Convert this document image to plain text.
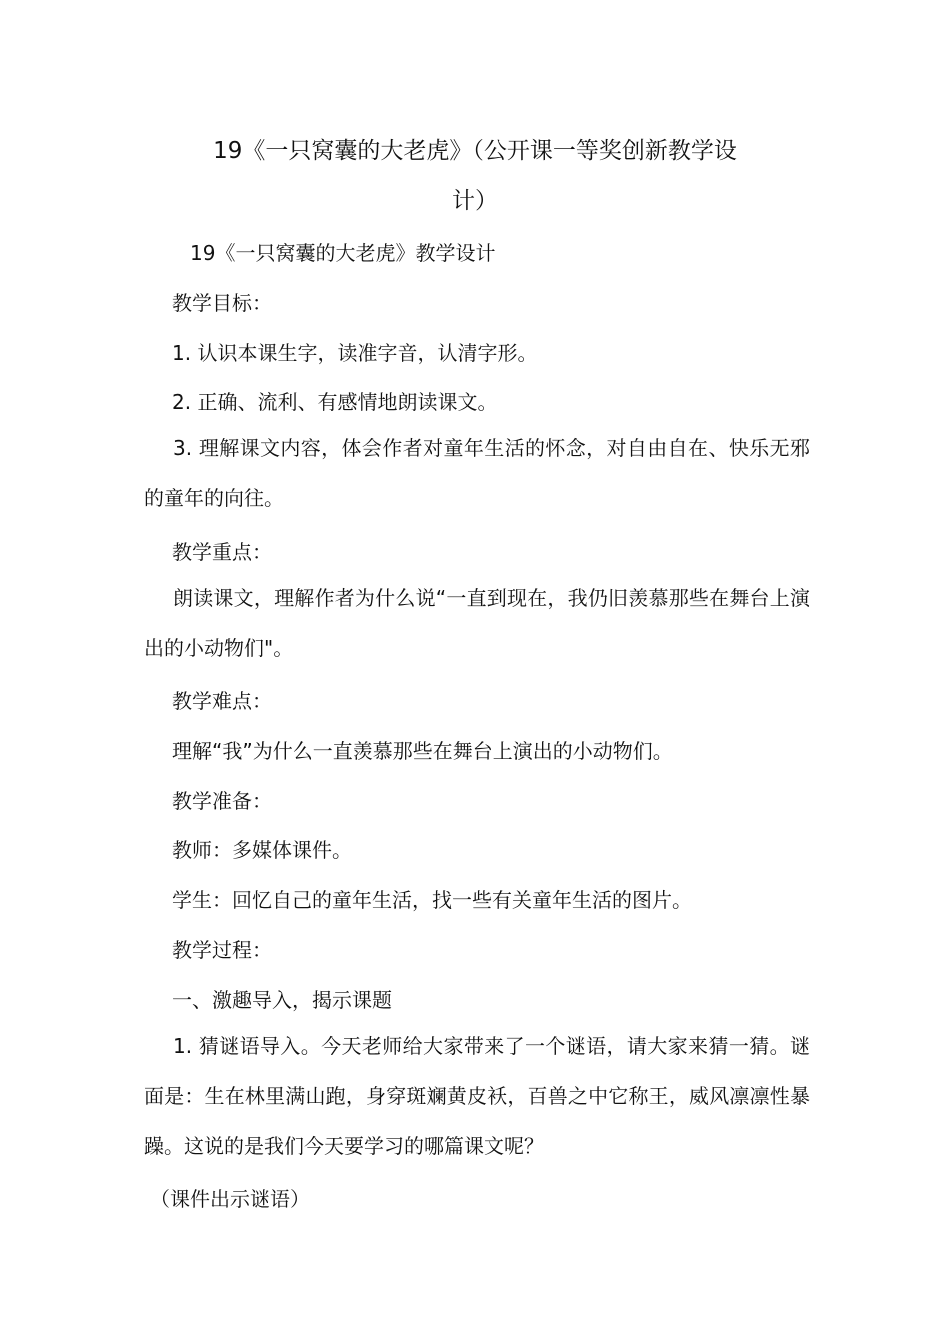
19《一只窝囊的大老虎》（公开课一等奖创新教学设
计）
19《一只窝囊的大老虎》教学设计
教学目标：
1. 认识本课生字，读准字音，认清字形。
2. 正确、流利、有感情地朗读课文。
3. 理解课文内容，体会作者对童年生活的怀念，对自由自在、快乐无邪的童年的向往。
教学重点：
朗读课文，理解作者为什么说“一直到现在，我仍旧羡慕那些在舞台上演出的小动物们"。
教学难点：
理解“我”为什么一直羡慕那些在舞台上演出的小动物们。
教学准备：
教师：多媒体课件。
学生：回忆自己的童年生活，找一些有关童年生活的图片。
教学过程：
一、激趣导入，揭示课题
1. 猜谜语导入。今天老师给大家带来了一个谜语，请大家来猜一猜。谜面是：生在林里满山跑，身穿斑斓黄皮袄，百兽之中它称王，威风凛凛性暴躁。这说的是我们今天要学习的哪篇课文呢？
（课件出示谜语）
